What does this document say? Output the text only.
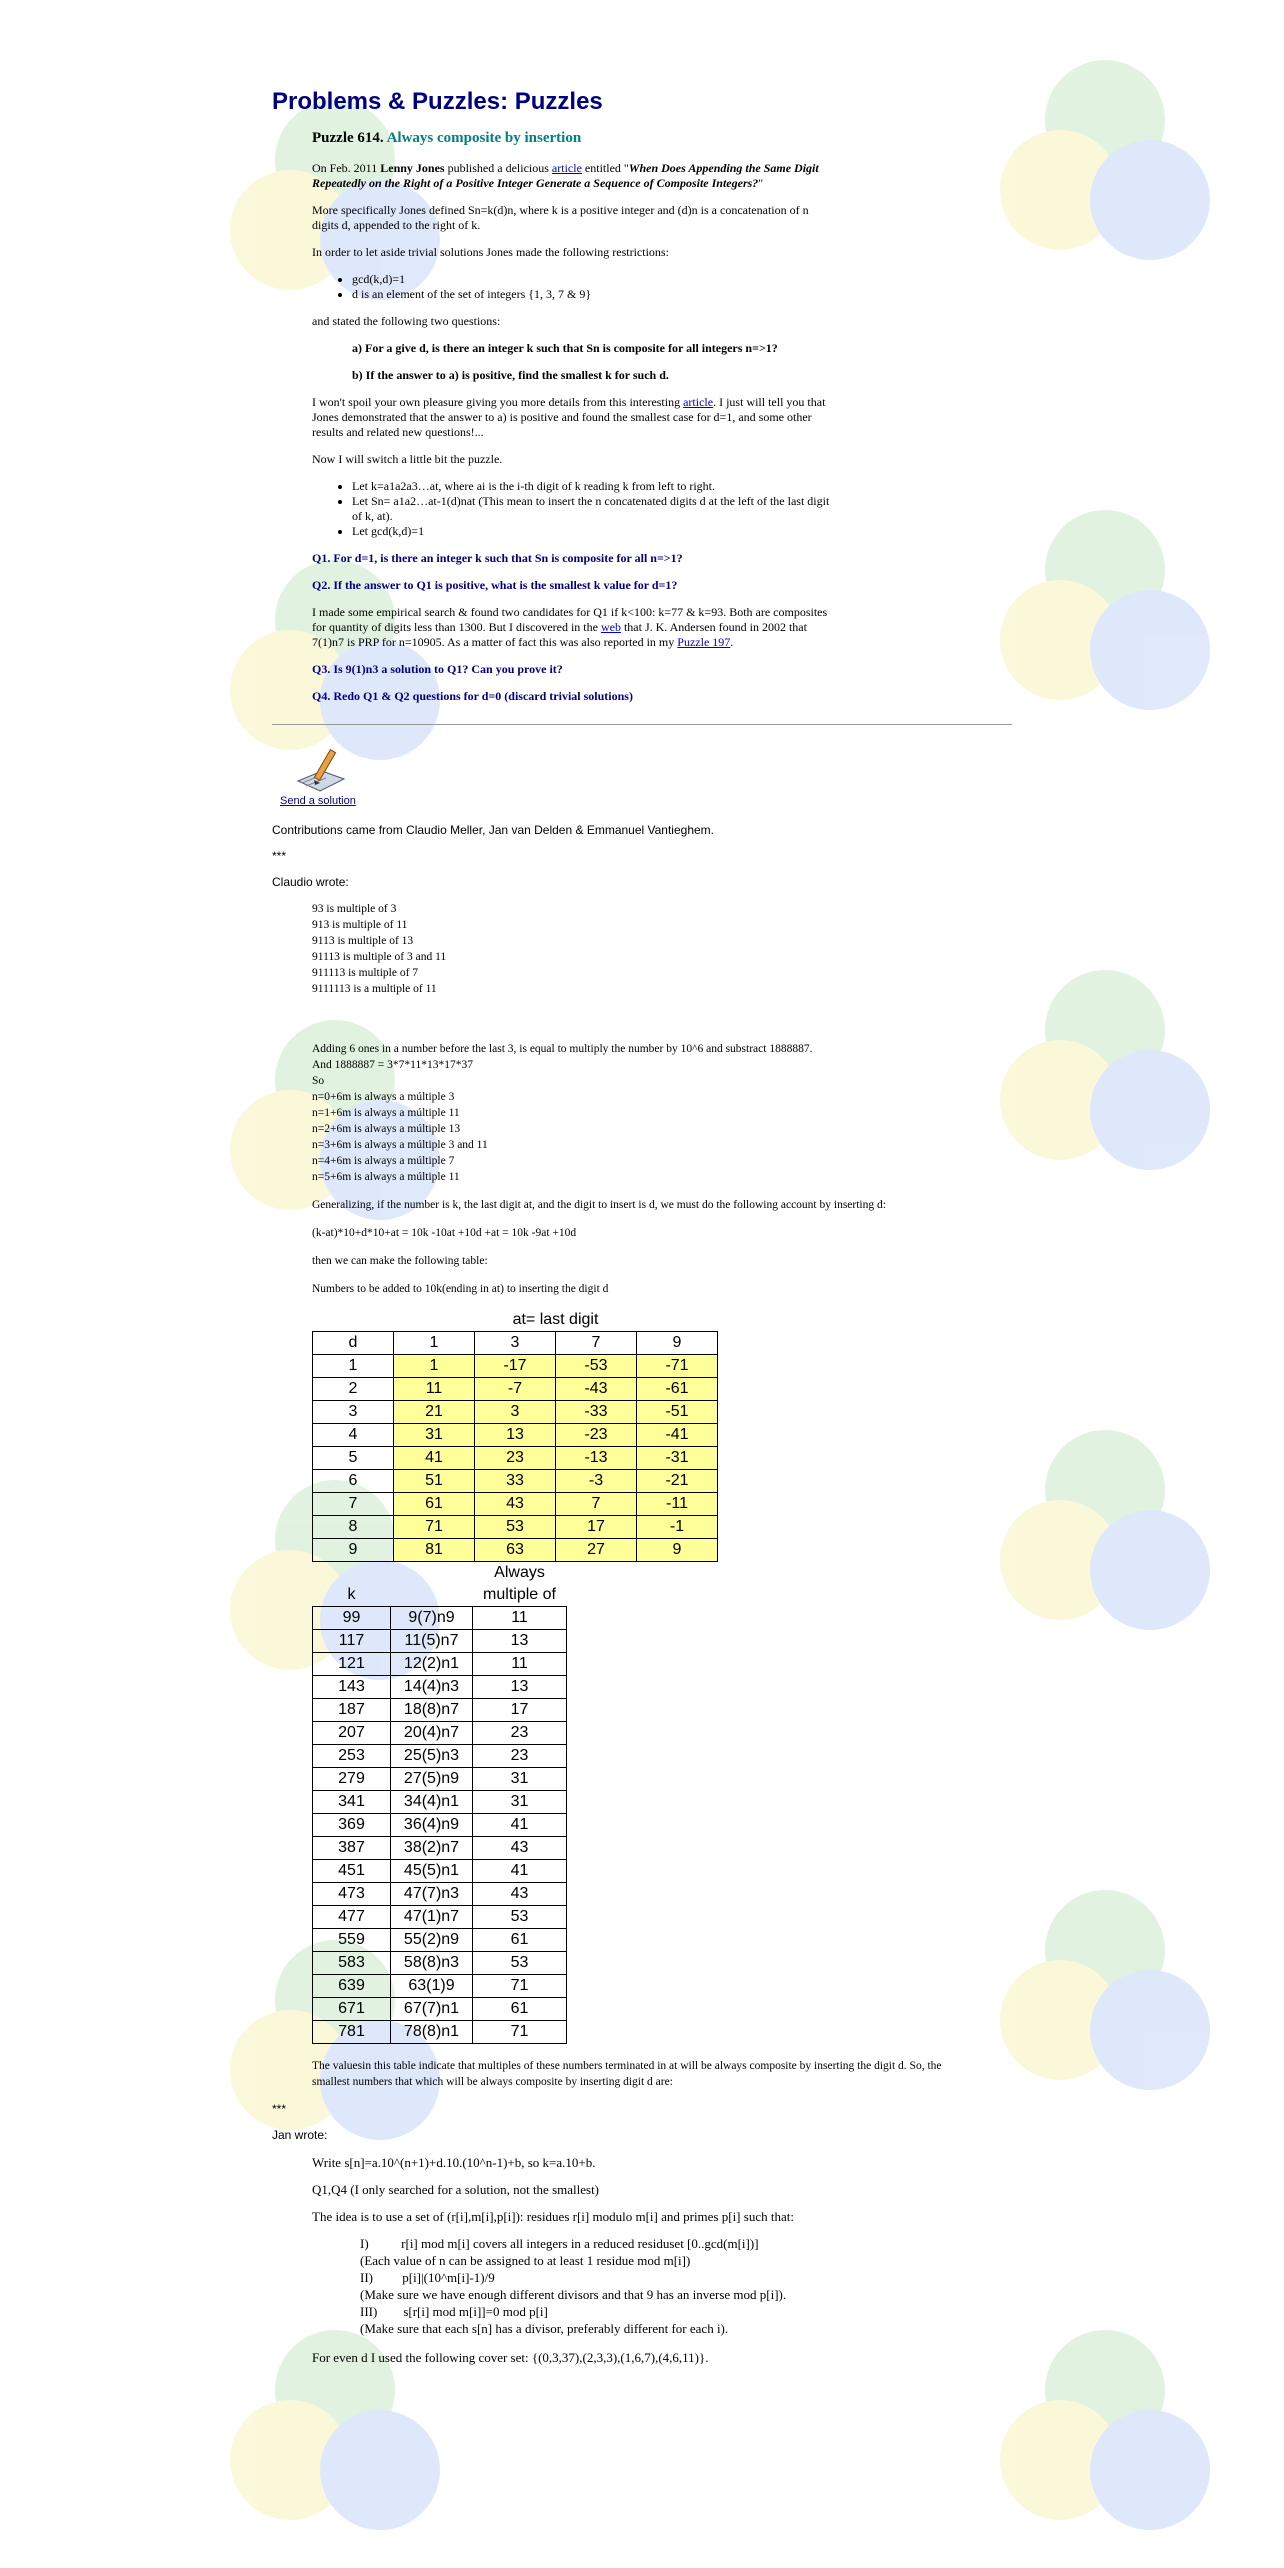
Problems & Puzzles: Puzzles
Puzzle 614. Always composite by insertion

On Feb. 2011 Lenny Jones published a delicious article entitled "When Does Appending the Same Digit Repeatedly on the Right of a Positive Integer Generate a Sequence of Composite Integers?"

More specifically Jones defined Sn=k(d)n, where k is a positive integer and (d)n is a concatenation of n digits d, appended to the right of k.

In order to let aside trivial solutions Jones made the following restrictions:

• gcd(k,d)=1
• d is an element of the set of integers {1, 3, 7 & 9}

and stated the following two questions:

a) For a give d, is there an integer k such that Sn is composite for all integers n=>1?
b) If the answer to a) is positive, find the smallest k for such d.

I won't spoil your own pleasure giving you more details from this interesting article. I just will tell you that Jones demonstrated that the answer to a) is positive and found the smallest case for d=1, and some other results and related new questions!...

Now I will switch a little bit the puzzle.

• Let k=a1a2a3…at, where ai is the i-th digit of k reading k from left to right.
• Let Sn= a1a2…at-1(d)nat (This mean to insert the n concatenated digits d at the left of the last digit of k, at).
• Let gcd(k,d)=1

Q1. For d=1, is there an integer k such that Sn is composite for all n=>1?

Q2. If the answer to Q1 is positive, what is the smallest k value for d=1?

I made some empirical search & found two candidates for Q1 if k<100: k=77 & k=93. Both are composites for quantity of digits less than 1300. But I discovered in the web that J. K. Andersen found in 2002 that 7(1)n7 is PRP for n=10905. As a matter of fact this was also reported in my Puzzle 197.

Q3. Is 9(1)n3 a solution to Q1? Can you prove it?

Q4. Redo Q1 & Q2 questions for d=0 (discard trivial solutions)

Send a solution

Contributions came from Claudio Meller, Jan van Delden & Emmanuel Vantieghem.

***

Claudio wrote:

93 is multiple of 3
913 is multiple of 11
9113 is multiple of 13
91113 is multiple of 3 and 11
911113 is multiple of 7
9111113 is a multiple of 11
Adding 6 ones in a number before the last 3, is equal to multiply the number by 10^6 and substract 1888887.
And 1888887 = 3*7*11*13*17*37
So
n=0+6m is always a múltiple 3
n=1+6m is always a múltiple 11
n=2+6m is always a múltiple 13
n=3+6m is always a múltiple 3 and 11
n=4+6m is always a múltiple 7
n=5+6m is always a múltiple 11
Generalizing, if the number is k, the last digit at, and the digit to insert is d, we must do the following account by inserting d:
(k-at)*10+d*10+at = 10k -10at +10d +at = 10k -9at +10d
then we can make the following table:
Numbers to be added to 10k(ending in at) to inserting the digit d
	at= last digit			
d	1	3	7	9
1	1	-17	-53	-71
2	11	-7	-43	-61
3	21	3	-33	-51
4	31	13	-23	-41
5	41	23	-13	-31
6	51	33	-3	-21
7	61	43	7	-11
8	71	53	17	-1
9	81	63	27	9
		Always
k		multiple of
99	9(7)n9	11
117	11(5)n7	13
121	12(2)n1	11
143	14(4)n3	13
187	18(8)n7	17
207	20(4)n7	23
253	25(5)n3	23
279	27(5)n9	31
341	34(4)n1	31
369	36(4)n9	41
387	38(2)n7	43
451	45(5)n1	41
473	47(7)n3	43
477	47(1)n7	53
559	55(2)n9	61
583	58(8)n3	53
639	63(1)9	71
671	67(7)n1	61
781	78(8)n1	71
The valuesin this table indicate that multiples of these numbers terminated in at will be always composite by inserting the digit d. So, the smallest numbers that which will be always composite by inserting digit d are:

***

Jan wrote:

Write s[n]=a.10^(n+1)+d.10.(10^n-1)+b, so k=a.10+b.
Q1,Q4 (I only searched for a solution, not the smallest)
The idea is to use a set of (r[i],m[i],p[i]): residues r[i] modulo m[i] and primes p[i] such that:
I)          r[i] mod m[i] covers all integers in a reduced residuset [0..gcd(m[i])]
(Each value of n can be assigned to at least 1 residue mod m[i])
II)         p[i]|(10^m[i]-1)/9
(Make sure we have enough different divisors and that 9 has an inverse mod p[i]).
III)        s[r[i] mod m[i]]=0 mod p[i]
(Make sure that each s[n] has a divisor, preferably different for each i).
For even d I used the following cover set: {(0,3,37),(2,3,3),(1,6,7),(4,6,11)}.
